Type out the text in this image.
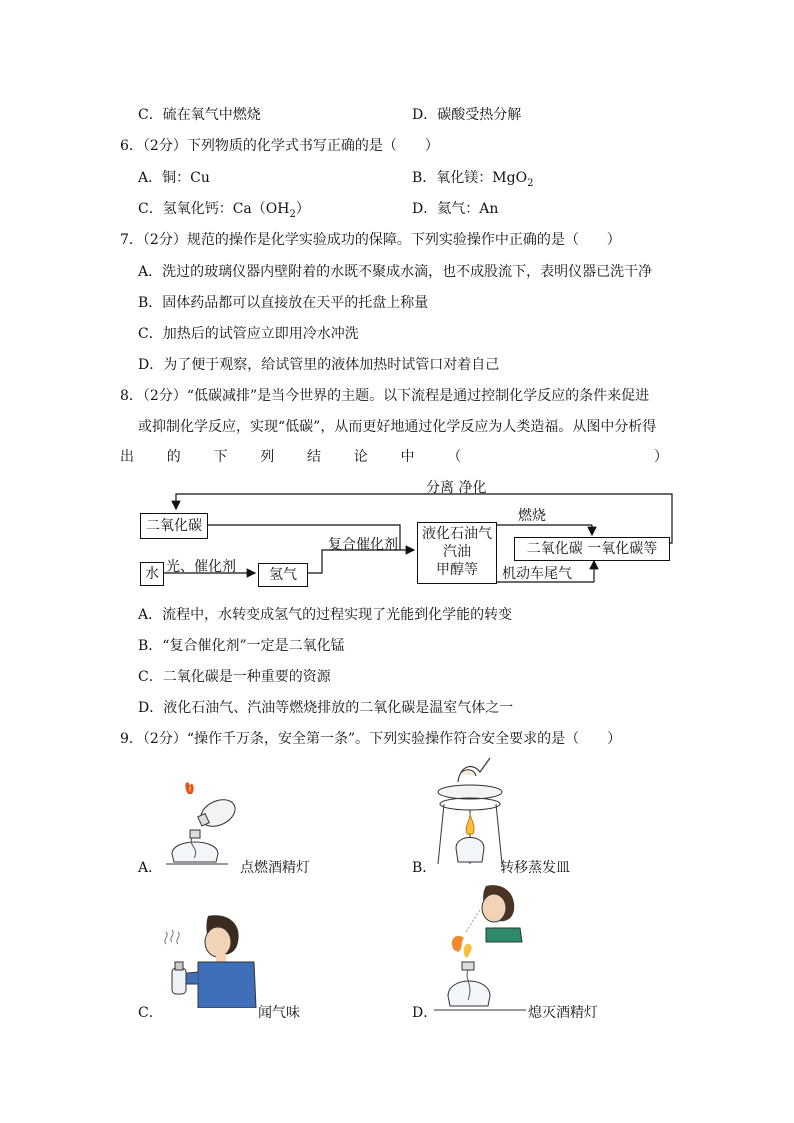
C．硫在氧气中燃烧	D．碳酸受热分解
6．（2分）下列物质的化学式书写正确的是（　　）
A．铜：Cu	B．氧化镁：MgO$_2$
C．氢氧化钙：$Ca(OH_2)$	D．氦气：An
7．（2分）规范的操作是化学实验成功的保障。下列实验操作中正确的是（　　）
A．洗过的玻璃仪器内壁附着的水既不聚成水滴，也不成股流下，表明仪器已洗干净
B．固体药品都可以直接放在天平的托盘上称量
C．加热后的试管应立即用冷水冲洗
D．为了便于观察，给试管里的液体加热时试管口对着自己
8．（2分）“低碳减排”是当今世界的主题。以下流程是通过控制化学反应的条件来促进
或抑制化学反应，实现“低碳”，从而更好地通过化学反应为人类造福。从图中分析得
出 的 下 列 结 论 中 （	）
二氧化碳
水	氢气
液化石油气
汽油
甲醇等
二氧化碳 一氧化碳等
分离 净化
光、催化剂
复合催化剂
燃烧
机动车尾气
A．流程中，水转变成氢气的过程实现了光能到化学能的转变
B．“复合催化剂”一定是二氧化锰
C．二氧化碳是一种重要的资源
D．液化石油气、汽油等燃烧排放的二氧化碳是温室气体之一
9．（2分）“操作千万条，安全第一条”。下列实验操作符合安全要求的是（　　）
A．	点燃酒精灯	B．	转移蒸发皿
C．	闻气味	D．	熄灭酒精灯
